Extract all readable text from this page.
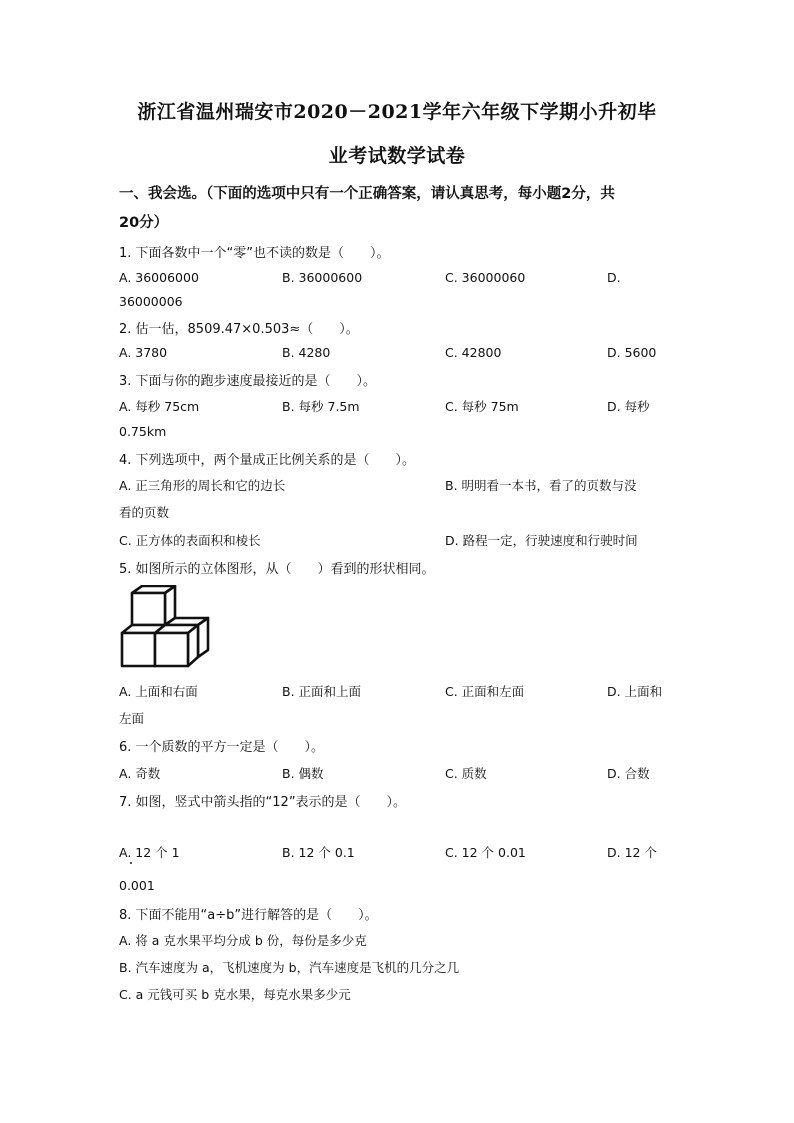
浙江省温州瑞安市2020－2021学年六年级下学期小升初毕
业考试数学试卷
一、我会选。（下面的选项中只有一个正确答案，请认真思考，每小题2分，共
20分）
1. 下面各数中一个“零”也不读的数是（　　）。
A. 36006000	B. 36000600	C. 36000060	D.
36000006
2. 估一估，8509.47×0.503≈（　　）。
A. 3780	B. 4280	C. 42800	D. 5600
3. 下面与你的跑步速度最接近的是（　　）。
A. 每秒 75cm	B. 每秒 7.5m	C. 每秒 75m	D. 每秒
0.75km
4. 下列选项中，两个量成正比例关系的是（　　）。
A. 正三角形的周长和它的边长	B. 明明看一本书，看了的页数与没
看的页数
C. 正方体的表面积和棱长	D. 路程一定，行驶速度和行驶时间
5. 如图所示的立体图形，从（　　）看到的形状相同。
A. 上面和右面	B. 正面和上面	C. 正面和左面	D. 上面和
左面
6. 一个质数的平方一定是（　　）。
A. 奇数	B. 偶数	C. 质数	D. 合数
7. 如图，竖式中箭头指的“12”表示的是（　　）。
A. 12 个 1	B. 12 个 0.1	C. 12 个 0.01	D. 12 个
0.001
8. 下面不能用“a÷b”进行解答的是（　　）。
A. 将 a 克水果平均分成 b 份，每份是多少克
B. 汽车速度为 a，飞机速度为 b，汽车速度是飞机的几分之几
C. a 元钱可买 b 克水果，每克水果多少元
